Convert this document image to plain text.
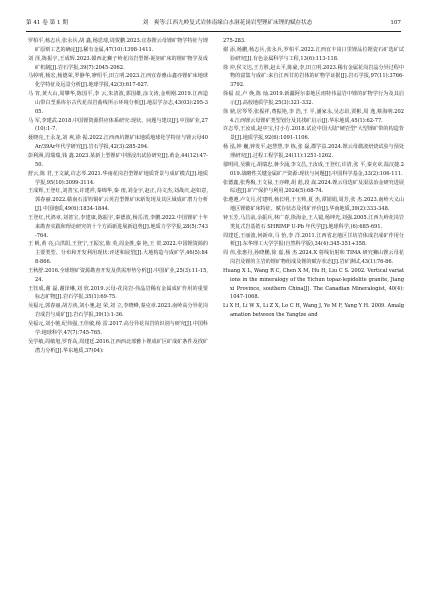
第 41 卷 第 1 期	刘　爽等:江西九岭复式岩体南缘白水洞花岗岩型锂矿床锂的赋存状态	107

罗柏平,杨志兵,张永兵,胡 鑫,杨思琦,周贺鹏.2023.宜春锂云母锂矿物学特征与锂矿原则工艺的确定[J].稀有金属,47(10):1398-1411.

刘 泽,陈振宇,王成辉.2023.赣西北狮子岭花岗岩型锂-铌钽矿床的锂矿物学及成矿机制[J].岩石学报,39(7):2045-2062.

马婷明,杨宏,杨德荣,罗静华,廖绍平,田立明.2023.江西宜春雅山鑫亦锂矿床地球化学特征及远景分析[J].地球学报,42(3):617-627.

马 宵,黄大山,周攀华,陈国平,李 云,朱清波,郭国雄,涂文涛,金明刚.2019.江西造山带白垩系库尔古代花岗岩曲线所示环境分析[J].地层学杂志,43(03):295-305.

马 军,李建武.2018.中国锂资源供应体系研究:现状、问题与建议[J].中国矿业,27(10):1-7.

聂晓亮,王永龙,刘 爽,徐 振.2022.江西西坑锂矿床地质地球化学特征与锂云母40Ar/39Ar年代学研究[J].岩石学报,42(3):285-294.

彭利洲,周瑞瑞,钱 鑫.2023.某新上型锂矿中锂浸出试验研究[J].黄金,44(12):47-50.

舒云,陈 君,王文斌,许志琴.2021.华南花岗岩型锂矿地质背景与成矿模式[J].地质学报,95(10):3099-3114.

王成辉,王登红,刘善宝,许建祥,秦锦华,秦 雨,刘金宇,赵正,冯文杰,刘战庆,赵如意,郭春丽.2022.赣南石雷钨铜矿云英岩型锂矿床新发现及其区域成矿潜力分析[J].中国地质,49(6):1834-1844.

王登红,代鸿章,刘善宝,李建康,陈振宇,秦德波,杨岳清,李鹏.2022.中国锂矿十年来勘查实践和理论研究的十个方面新进展新趋势[J].地质力学学报,28(5):743-764.

王 帆,黄 亮,白洪阳,王登宁,王振宏,陈 英,周金胜,秦 艳,王 贺.2022.中国锂资源的主要类型、分布和开发利用现状:评述和展望[J].大地构造与成矿学,46(5):848-866.

王秋舒.2016.全球锂矿资源勘查开发及供需形势分析[J].中国矿业,25(3):11-15,24.

王钰成,谢 磊,谢泽琳,刘 欣.2019.云母-花岗岩-伟晶岩稀有金属成矿作用的重要标志矿物[J].岩石学报,35(1):69-75.

吴福元,郭春丽,胡方泱,刘小驰,赵 荣,刘 立,李晓峰,秦克章.2023.南岭高分异花岗岩成岩与成矿[J].岩石学报,39(1):1-36.

吴福元,刘小驰,纪伟强,王佳敏,杨 雷.2017.高分异花岗岩的识别与研究[J].中国科学:地球科学,47(7):745-765.

吴学敏,周敏旭,罗育高,周建廷.2016.江西西北部雅卜锂成矿区矿成矿条件及找矿潜力分析[J].华东地质,37(04):

275-283.

谢 添,杨鹏,杨志兵,张永兵,罗柏平.2022.江西宜丰岗口里锂品位锂瓷石矿选矿试验研究[J].有色金属科学与工程,13(6):113-118.

徐 冲,侯文达,王方胜,赵太平,陈豪,李,田立明.2023.稀有金属花岗岩晶分异过程中物的富集与成矿:来自江西甘坊岩体的矿物学证据[J].岩石学报,97(11):3766-3792.

徐福 辰,卢 焕,陈 灿.2019.新疆阿尔泰地区雨特伟晶岩中锂的矿物学行为及其启示[J].高校地质学报,25(3):321-332.

徐 鼎,居琴琴,张振祥,费振艳,李 浩,王 平,潘家永,吴志昂,贾彬,周 逸,蔡海明.2024.江西锂云母锂矿类型划分及其找矿启示[J].华东地质,45(1):62-77.

许志琴,王汝成,赵中宝,付小方.2018.试论中国大陆"硬岩型"大型锂矿带的构造背景[J].地质学报,92(6):1091-1106.

杨 泓,钟 巍,钟发平,赵慧慧,李 栋,张 磊,郡学益.2024.锂云母微波焙烧试验与预处理研究[J].过程工程学报,24(11):1251-1262.

郁明同,吴骥元,胡瑞忠,蒋少涌,李文昌,王汝成,王登红,许清,张 平,秦克章,温汉捷.2019.战略性关键金属矿产资源:现状与问题[J].中国科学基金,33(2):106-111.

张德鑫,张秀梅,王文禄,王亦峰,胡 彪,段 嵩.2024.锂云母选矿及湿法冶金研究进展综述[J].矿产保护与利用,2024(5):68-74.

张遵遵,卢文月,付建明,杨长明,于玉帅,夏 杰,谭娟娟,周芳,张 杰.2023.南岭大义山地区锂铍矿床特征、赋存状态及找矿评价[J].华南地质,39(2):333-348.

钟玉芳,马昌前,余振兵,林广春,徐海金,王人镜,杨坤光,刘强.2005.江西九岭花岗岩类复式岩基锆石 SHRIMP U-Pb 年代学[J].地球科学,(6):685-691.

周建廷,王丽波,何新章,马 怡,李 洋.2011.江西省北地区甘坊岩体成岩成矿作用分析[J].东华理工大学学报(自然科学版),34(4):345-351+358.

周 伟,张惠丹,孙晓鹏,徐 嘉,杨 杰.2024.X 射线衍射和 TIMA 研究狮山锂云母花岗岩及锂的主岩的锂矿物组成及锂的赋存状态[J].岩矿测试,43(1):76-86.

Huang X L, Wang R C, Chen X M, Hu H, Liu C S. 2002. Vertical variations in the mineralogy of the Yichun topaz-lepidolite granite, Jiangxi Province, southern China[J]. The Canadian Mineralogist, 40(4): 1047-1068.

Li X H, Li W X, Li Z X, Lo C H, Wang J, Ye M F, Yang Y H. 2009. Amalgamation between the Yangtze and
